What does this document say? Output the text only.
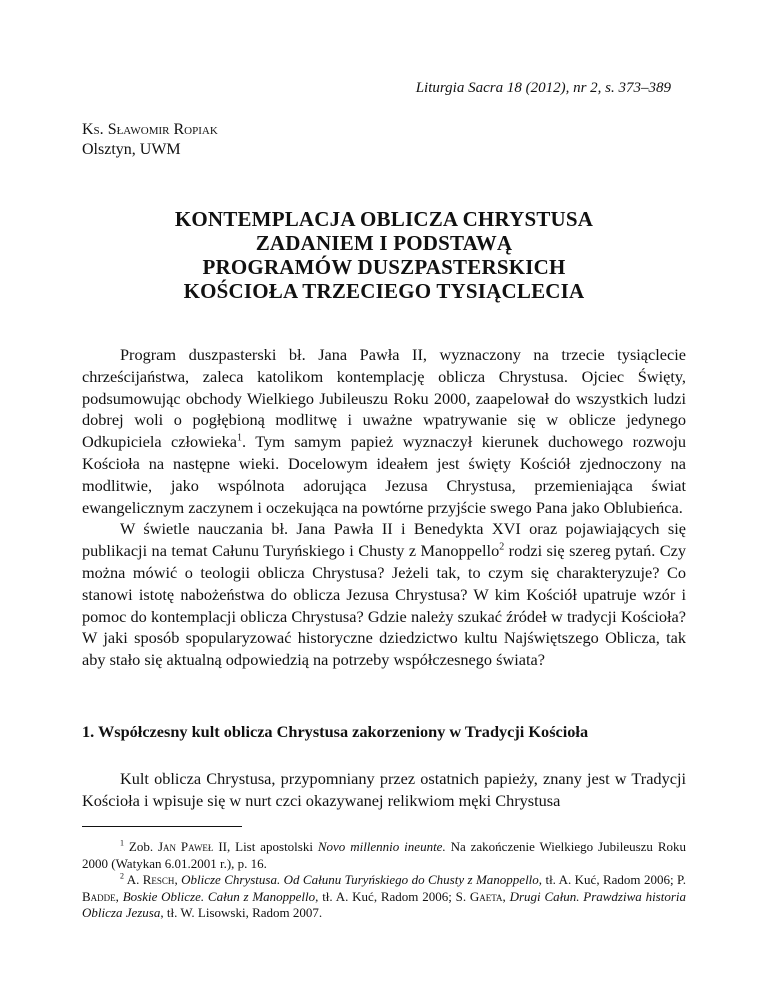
Liturgia Sacra 18 (2012), nr 2, s. 373–389
Ks. Sławomir Ropiak
Olsztyn, UWM
KONTEMPLACJA OBLICZA CHRYSTUSA
ZADANIEM I PODSTAWĄ
PROGRAMÓW DUSZPASTERSKICH
KOŚCIOŁA TRZECIEGO TYSIĄCLECIA

Program duszpasterski bł. Jana Pawła II, wyznaczony na trzecie tysiąclecie chrześcijaństwa, zaleca katolikom kontemplację oblicza Chrystusa. Ojciec Święty, podsumowując obchody Wielkiego Jubileuszu Roku 2000, zaapelował do wszystkich ludzi dobrej woli o pogłębioną modlitwę i uważne wpatrywanie się w oblicze jedynego Odkupiciela człowieka$^1$. Tym samym papież wyznaczył kierunek duchowego rozwoju Kościoła na następne wieki. Docelowym ideałem jest święty Kościół zjednoczony na modlitwie, jako wspólnota adorująca Jezusa Chrystusa, przemieniająca świat ewangelicznym zaczynem i oczekująca na powtórne przyjście swego Pana jako Oblubieńca.

W świetle nauczania bł. Jana Pawła II i Benedykta XVI oraz pojawiających się publikacji na temat Całunu Turyńskiego i Chusty z Manoppello$^2$ rodzi się szereg pytań. Czy można mówić o teologii oblicza Chrystusa? Jeżeli tak, to czym się charakteryzuje? Co stanowi istotę nabożeństwa do oblicza Jezusa Chrystusa? W kim Kościół upatruje wzór i pomoc do kontemplacji oblicza Chrystusa? Gdzie należy szukać źródeł w tradycji Kościoła? W jaki sposób spopularyzować historyczne dziedzictwo kultu Najświętszego Oblicza, tak aby stało się aktualną odpowiedzią na potrzeby współczesnego świata?

1. Współczesny kult oblicza Chrystusa zakorzeniony w Tradycji Kościoła

Kult oblicza Chrystusa, przypomniany przez ostatnich papieży, znany jest w Tradycji Kościoła i wpisuje się w nurt czci okazywanej relikwiom męki Chrystusa

$^1$ Zob. Jan Paweł II, List apostolski Novo millennio ineunte. Na zakończenie Wielkiego Jubileuszu Roku 2000 (Watykan 6.01.2001 r.), p. 16.

$^2$ A. Resch, Oblicze Chrystusa. Od Całunu Turyńskiego do Chusty z Manoppello, tł. A. Kuć, Radom 2006; P. Badde, Boskie Oblicze. Całun z Manoppello, tł. A. Kuć, Radom 2006; S. Gaeta, Drugi Całun. Prawdziwa historia Oblicza Jezusa, tł. W. Lisowski, Radom 2007.
